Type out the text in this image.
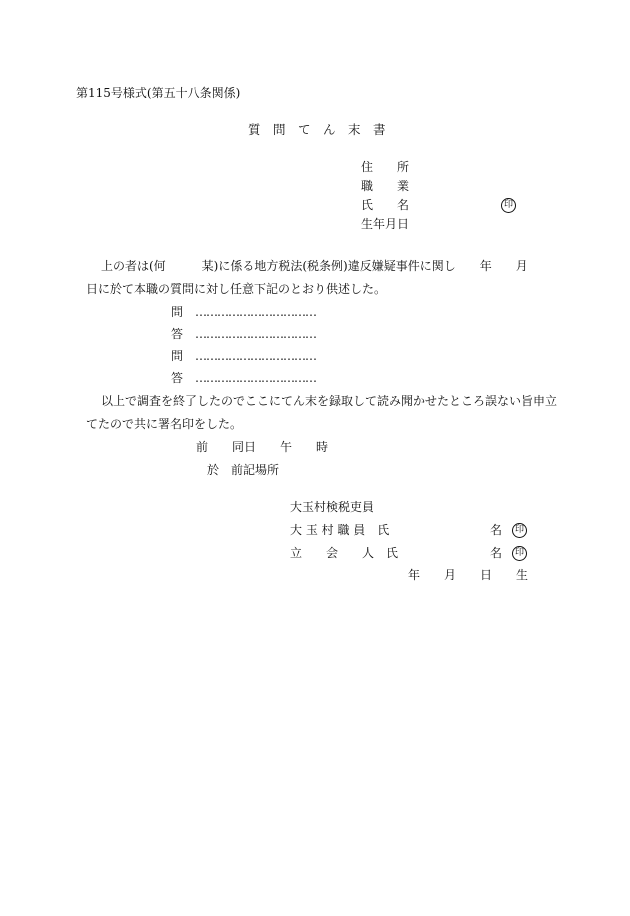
第115号様式(第五十八条関係)
質　問　て　ん　末　書
住　　所
職　　業
氏　　名	印
生年月日
上の者は(何　　　某)に係る地方税法(税条例)違反嫌疑事件に関し　　年　　月
日に於て本職の質問に対し任意下記のとおり供述した。
問 ……………………………
答 ……………………………
問 ……………………………
答 ……………………………
以上で調査を終了したのでここにてん末を録取して読み聞かせたところ誤ない旨申立
てたので共に署名印をした。
前　　同日　　午　　時
於　前記場所
大玉村検税吏員
大 玉 村 職 員　氏	名	印
立　　会　　人　氏	名	印
年　　月　　日　　生
